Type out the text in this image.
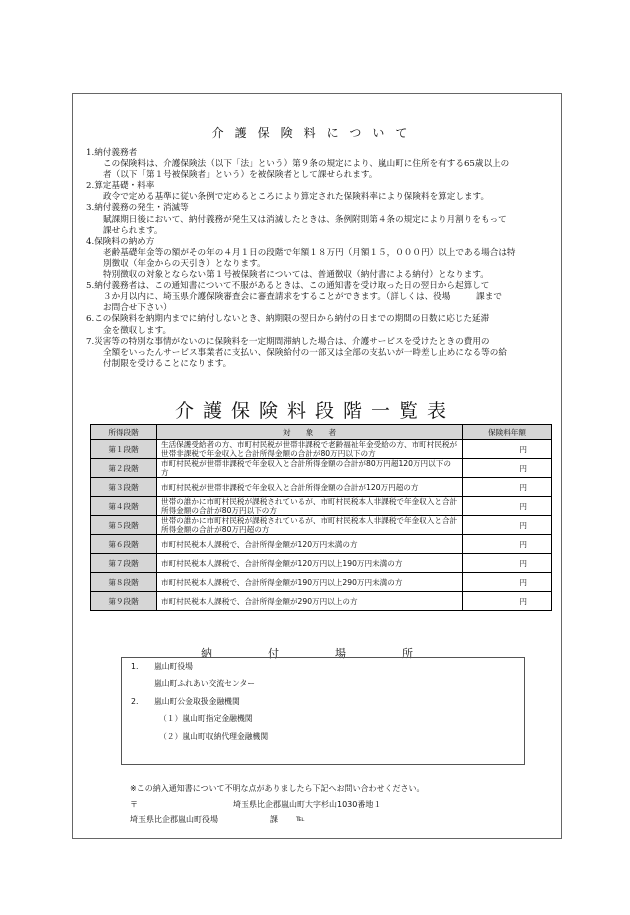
介護保険料について
1.納付義務者
この保険料は、介護保険法（以下「法」という）第９条の規定により、嵐山町に住所を有する65歳以上の
者（以下「第１号被保険者」という）を被保険者として課せられます。
2.算定基礎・料率
政令で定める基準に従い条例で定めるところにより算定された保険料率により保険料を算定します。
3.納付義務の発生・消滅等
賦課期日後において、納付義務が発生又は消滅したときは、条例附則第４条の規定により月割りをもって
課せられます。
4.保険料の納め方
老齢基礎年金等の額がその年の４月１日の段階で年額１８万円（月額１５，０００円）以上である場合は特
別徴収（年金からの天引き）となります。
特別徴収の対象とならない第１号被保険者については、普通徴収（納付書による納付）となります。
5.納付義務者は、この通知書について不服があるときは、この通知書を受け取った日の翌日から起算して
３か月以内に、埼玉県介護保険審査会に審査請求をすることができます。（詳しくは、役場　　　課まで
お問合せ下さい）
6.この保険料を納期内までに納付しないとき、納期限の翌日から納付の日までの期間の日数に応じた延滞
金を徴収します。
7.災害等の特別な事情がないのに保険料を一定期間滞納した場合は、介護サービスを受けたときの費用の
全額をいったんサービス事業者に支払い、保険給付の一部又は全部の支払いが一時差し止めになる等の給
付制限を受けることになります。
介護保険料段階一覧表
所得段階	対　　象　　者	保険料年額
第１段階	生活保護受給者の方、市町村民税が世帯非課税で老齢福祉年金受給の方、市町村民税が世帯非課税で年金収入と合計所得金額の合計が80万円以下の方	円
第２段階	市町村民税が世帯非課税で年金収入と合計所得金額の合計が80万円超120万円以下の方	円
第３段階	市町村民税が世帯非課税で年金収入と合計所得金額の合計が120万円超の方	円
第４段階	世帯の誰かに市町村民税が課税されているが、市町村民税本人非課税で年金収入と合計所得金額の合計が80万円以下の方	円
第５段階	世帯の誰かに市町村民税が課税されているが、市町村民税本人非課税で年金収入と合計所得金額の合計が80万円超の方	円
第６段階	市町村民税本人課税で、合計所得金額が120万円未満の方	円
第７段階	市町村民税本人課税で、合計所得金額が120万円以上190万円未満の方	円
第８段階	市町村民税本人課税で、合計所得金額が190万円以上290万円未満の方	円
第９段階	市町村民税本人課税で、合計所得金額が290万円以上の方	円
納付場所
1. 嵐山町役場
嵐山町ふれあい交流センター
2. 嵐山町公金取扱金融機関
（１）嵐山町指定金融機関
（２）嵐山町収納代理金融機関
※この納入通知書について不明な点がありましたら下記へお問い合わせください。
〒	埼玉県比企郡嵐山町大字杉山1030番地１
埼玉県比企郡嵐山町役場	課 ℡
